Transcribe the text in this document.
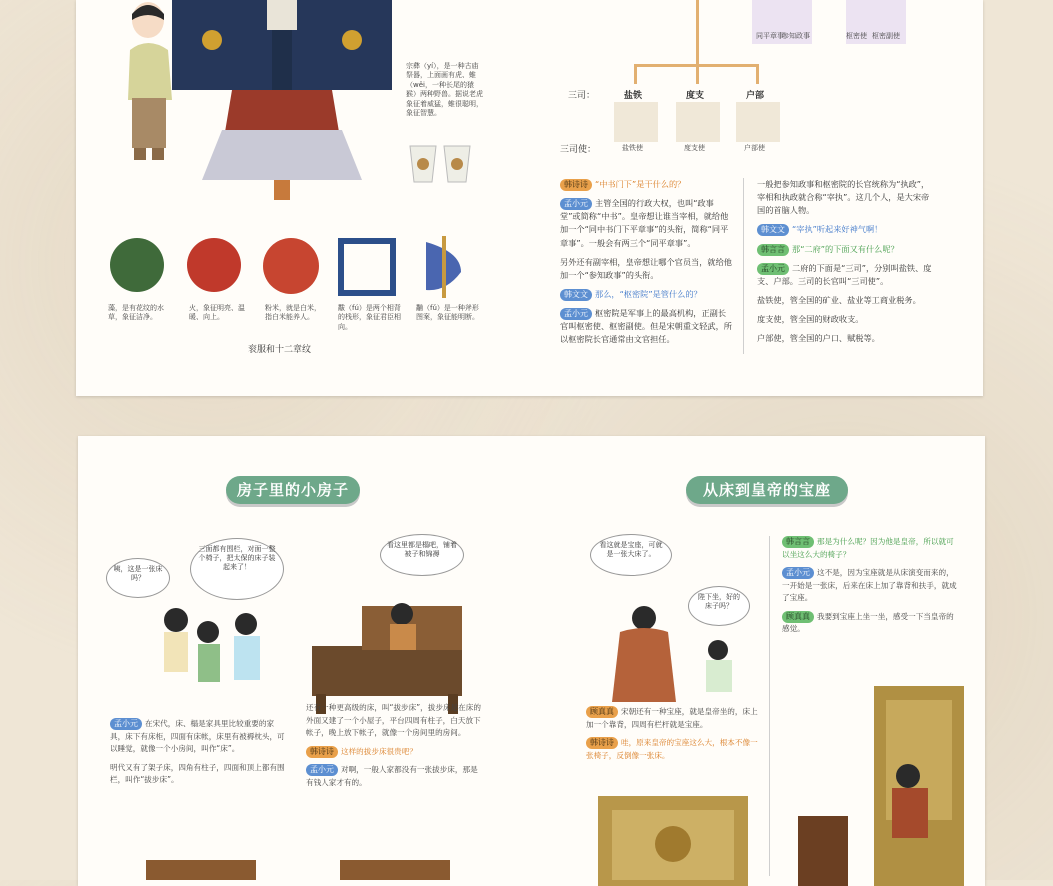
宗彝（yí），是一种古庙祭器，上面画有虎、蜼（wěi，一种长尾的猿猴）两种野兽。据说老虎象征着威猛，蜼很聪明，象征智慧。
藻，是有花纹的水草，象征洁净。
火，象征明亮、温暖、向上。
粉米，就是白米，指白米能养人。
黻（fú）是两个相背的栈形，象征君臣相向。
黼（fǔ）是一种斧形图案，象征能明断。
衮服和十二章纹
同平章事
参知政事	枢密使 枢密副使
三司：	盐铁	度支	户部
三司使：	盐铁使	度支使	户部使

韩诗诗 “中书门下”是干什么的？

孟小元 主管全国的行政大权，也叫“政事堂”或简称“中书”。皇帝想让谁当宰相，就给他加一个“同中书门下平章事”的头衔，简称“同平章事”。一般会有两三个“同平章事”。

另外还有副宰相，皇帝想让哪个官员当，就给他加一个“参知政事”的头衔。

韩文文 那么，“枢密院”是管什么的？

孟小元 枢密院是军事上的最高机构，正副长官叫枢密使、枢密副使。但是宋朝重文轻武，所以枢密院长官通常由文官担任。

一般把参知政事和枢密院的长官统称为“执政”，宰相和执政就合称“宰执”。这几个人，是大宋帝国的首脑人物。

韩文文 “宰执”听起来好神气啊！

韩言言 那“二府”的下面又有什么呢？

孟小元 二府的下面是“三司”，分别叫盐铁、度支、户部。三司的长官叫“三司使”。

盐铁使，管全国的矿业、盐业等工商业税务。

度支使，管全国的财政收支。

户部使，管全国的户口、赋税等。

房子里的小房子	从床到皇帝的宝座
咦，这是一张床吗？
三面都有围栏，对面一整个椅子，把太保的床子装起来了！
看这里都是榻吧，铺着被子和锦褥

孟小元 在宋代，床、榻是家具里比较重要的家具，床下有床柜，四面有床帐，床里有被褥枕头，可以睡觉，就像一个小房间，叫作“床”。

明代又有了架子床，四角有柱子，四面和顶上都有围栏，叫作“拔步床”。

还有一种更高级的床，叫“拔步床”，拔步床是在床的外面又建了一个小屋子，平台四周有柱子，白天放下帐子，晚上放下帐子，就像一个房间里的房间。

韩诗诗 这样的拔步床很贵吧？

孟小元 对啊，一般人家都没有一张拔步床，那是有钱人家才有的。

看这就是宝座，可就是一张大床了。
陛下坐，好的床子吗？

顾真真 宋朝还有一种宝座，就是皇帝坐的，床上加一个靠背，四周有栏杆就是宝座。

韩诗诗 哇，原来皇帝的宝座这么大，根本不像一张椅子，反倒像一张床。

韩言言 那是为什么呢？因为他是皇帝，所以就可以坐这么大的椅子？

孟小元 这不是，因为宝座就是从床演变而来的，一开始是一张床，后来在床上加了靠背和扶手，就成了宝座。

顾真真 我要到宝座上坐一坐，感受一下当皇帝的感觉。
